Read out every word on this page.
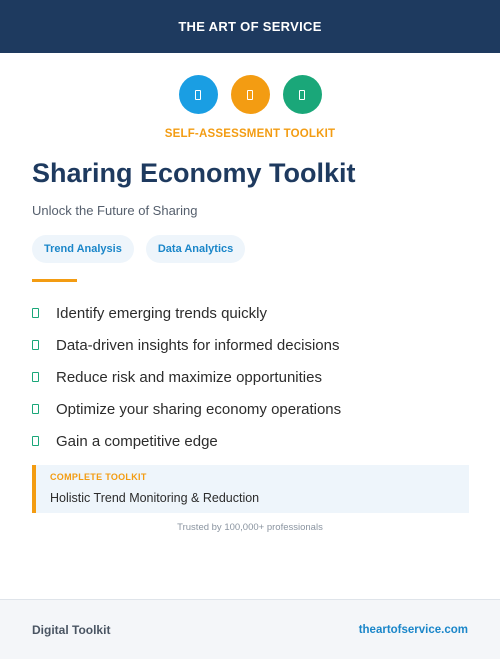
THE ART OF SERVICE
SELF-ASSESSMENT TOOLKIT
Sharing Economy Toolkit
Unlock the Future of Sharing
Trend Analysis	Data Analytics
Identify emerging trends quickly
Data-driven insights for informed decisions
Reduce risk and maximize opportunities
Optimize your sharing economy operations
Gain a competitive edge
COMPLETE TOOLKIT
Holistic Trend Monitoring & Reduction
Trusted by 100,000+ professionals
Digital Toolkit	theartofservice.com
